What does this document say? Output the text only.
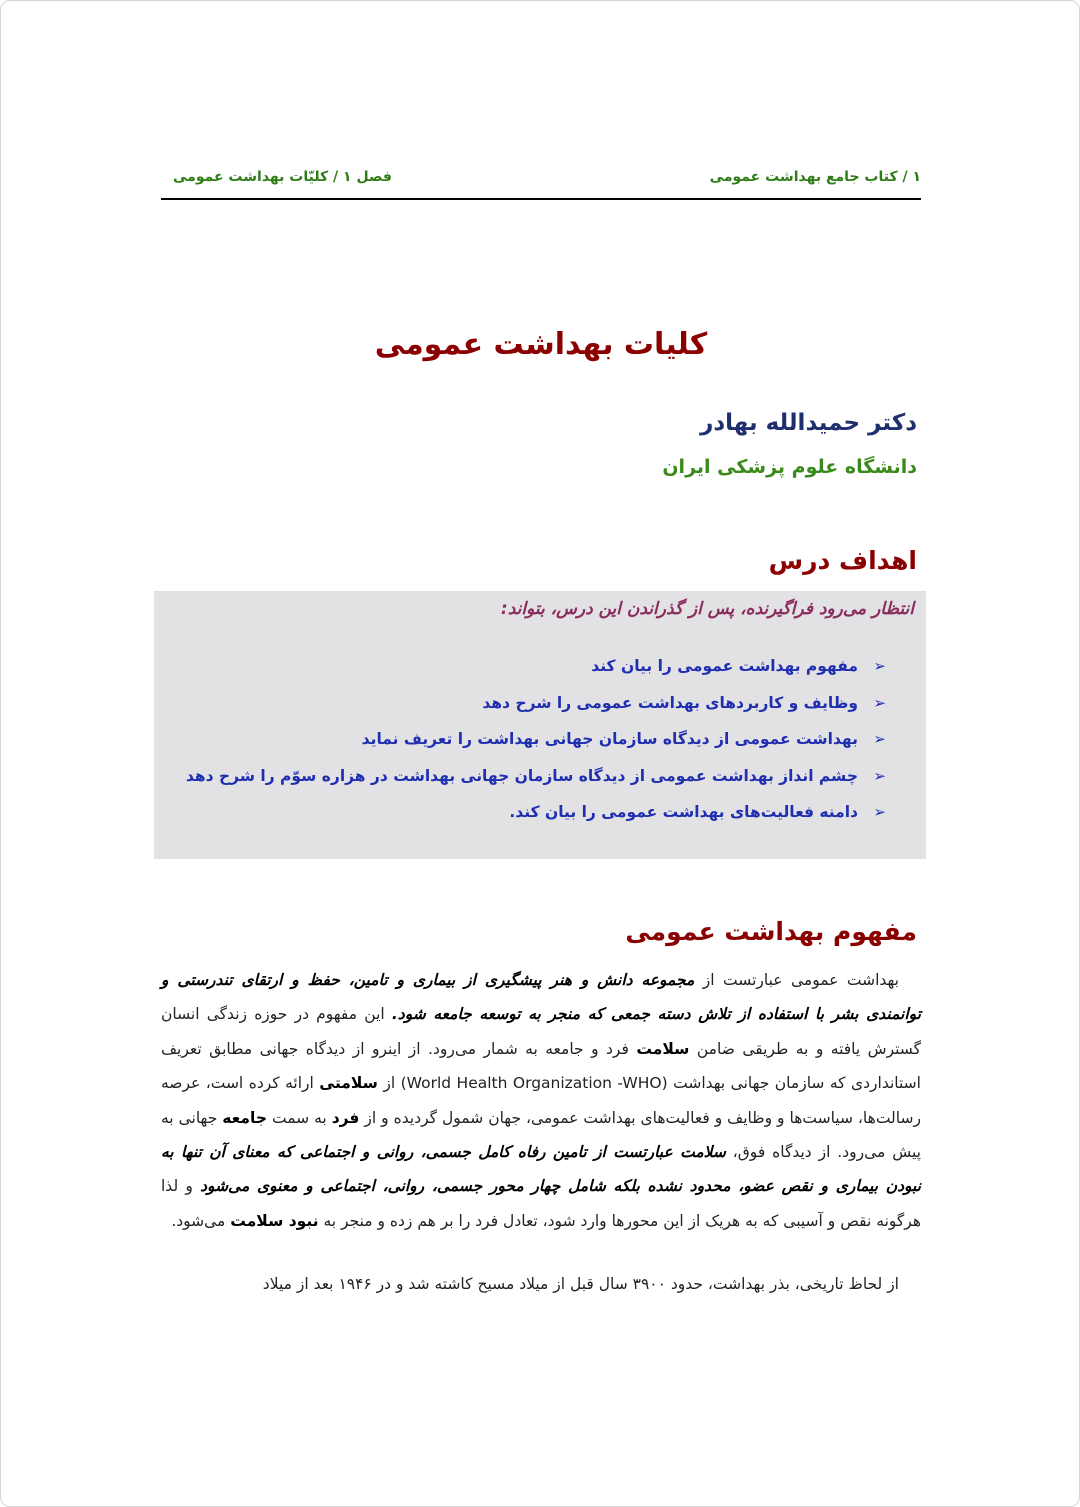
۱ / کتاب جامع بهداشت عمومی
فصل ۱ / کلیّات بهداشت عمومی
کلیات بهداشت عمومی
دکتر حمیدالله بهادر
دانشگاه علوم پزشکی ایران
اهداف درس
انتظار می‌رود فراگیرنده، پس از گذراندن این درس، بتواند:
➢مفهوم بهداشت عمومی را بیان کند
➢وظایف و کاربردهای بهداشت عمومی را شرح دهد
➢بهداشت عمومی از دیدگاه سازمان جهانی بهداشت را تعریف نماید
➢چشم انداز بهداشت عمومی از دیدگاه سازمان جهانی بهداشت در هزاره سوّم را شرح دهد
➢دامنه فعالیت‌های بهداشت عمومی را بیان کند.
مفهوم بهداشت عمومی
بهداشت عمومی عبارتست از مجموعه دانش و هنر پیشگیری از بیماری و تامین، حفظ و ارتقای تندرستی و توانمندی بشر با استفاده از تلاش دسته جمعی که منجر به توسعه جامعه شود. این مفهوم در حوزه زندگی انسان گسترش یافته و به طریقی ضامن سلامت فرد و جامعه به شمار می‌رود. از اینرو از دیدگاه جهانی مطابق تعریف استانداردی که سازمان جهانی بهداشت (World Health Organization -WHO) از سلامتی ارائه کرده است، عرصه رسالت‌ها، سیاست‌ها و وظایف و فعالیت‌های بهداشت عمومی، جهان شمول گردیده و از فرد به سمت جامعه جهانی به پیش می‌رود. از دیدگاه فوق، سلامت عبارتست از تامین رفاه کامل جسمی، روانی و اجتماعی که معنای آن تنها به نبودن بیماری و نقص عضو، محدود نشده بلکه شامل چهار محور جسمی، روانی، اجتماعی و معنوی می‌شود و لذا هرگونه نقص و آسیبی که به هریک از این محورها وارد شود، تعادل فرد را بر هم زده و منجر به نبود سلامت می‌شود.
از لحاظ تاریخی، بذر بهداشت، حدود ۳۹۰۰ سال قبل از میلاد مسیح کاشته شد و در ۱۹۴۶ بعد از میلاد
